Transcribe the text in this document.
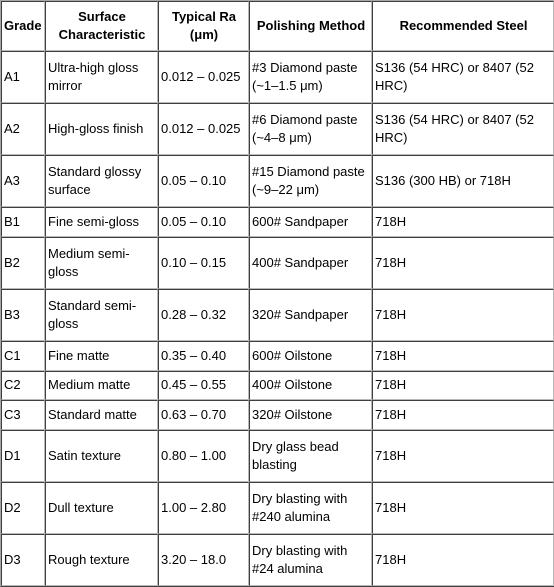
Grade	Surface Characteristic	Typical Ra (μm)	Polishing Method	Recommended Steel
A1	Ultra-high gloss mirror	0.012 – 0.025	#3 Diamond paste (~1–1.5 μm)	S136 (54 HRC) or 8407 (52 HRC)
A2	High-gloss finish	0.012 – 0.025	#6 Diamond paste (~4–8 μm)	S136 (54 HRC) or 8407 (52 HRC)
A3	Standard glossy surface	0.05 – 0.10	#15 Diamond paste (~9–22 μm)	S136 (300 HB) or 718H
B1	Fine semi-gloss	0.05 – 0.10	600# Sandpaper	718H
B2	Medium semi-gloss	0.10 – 0.15	400# Sandpaper	718H
B3	Standard semi-gloss	0.28 – 0.32	320# Sandpaper	718H
C1	Fine matte	0.35 – 0.40	600# Oilstone	718H
C2	Medium matte	0.45 – 0.55	400# Oilstone	718H
C3	Standard matte	0.63 – 0.70	320# Oilstone	718H
D1	Satin texture	0.80 – 1.00	Dry glass bead blasting	718H
D2	Dull texture	1.00 – 2.80	Dry blasting with #240 alumina	718H
D3	Rough texture	3.20 – 18.0	Dry blasting with #24 alumina	718H
